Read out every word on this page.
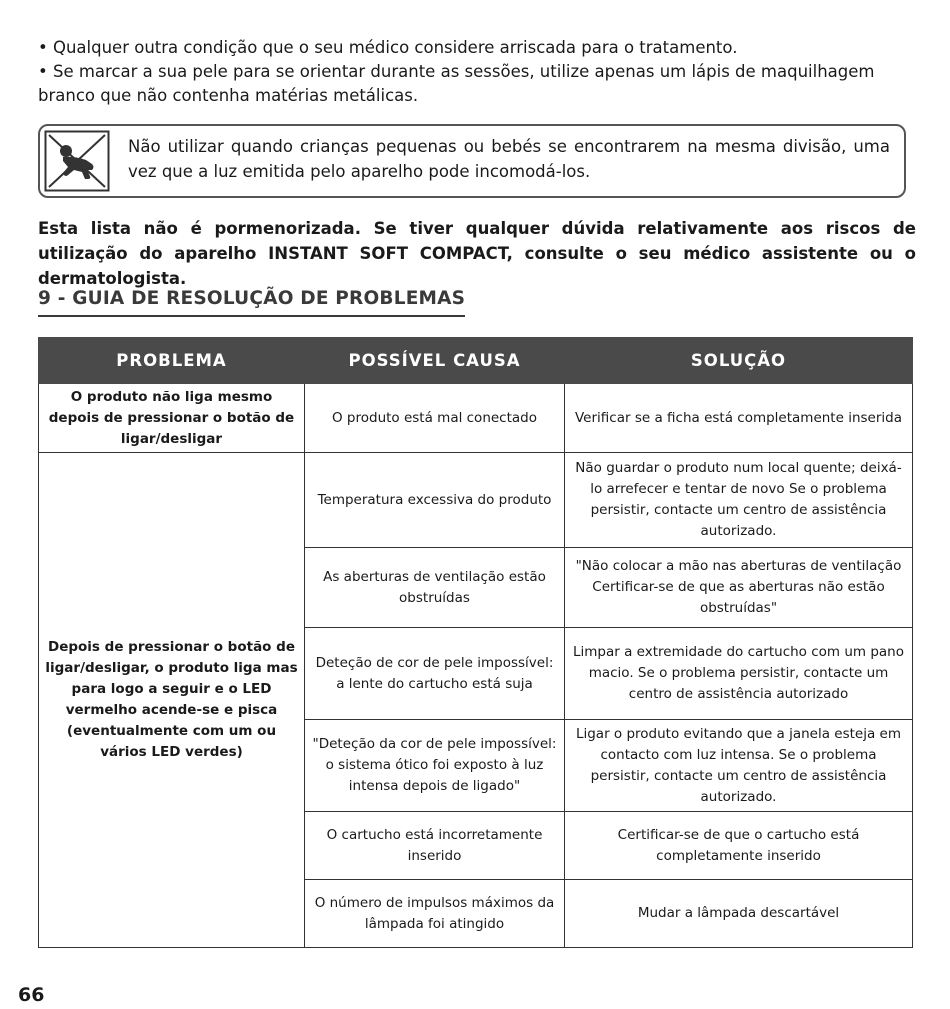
• Qualquer outra condição que o seu médico considere arriscada para o tratamento.

• Se marcar a sua pele para se orientar durante as sessões, utilize apenas um lápis de maquilhagem branco que não contenha matérias metálicas.

Não utilizar quando crianças pequenas ou bebés se encontrarem na mesma divisão, uma vez que a luz emitida pelo aparelho pode incomodá-los.
Esta lista não é pormenorizada. Se tiver qualquer dúvida relativamente aos riscos de utilização do aparelho INSTANT SOFT COMPACT, consulte o seu médico assistente ou o dermatologista.
9 - GUIA DE RESOLUÇÃO DE PROBLEMAS
PROBLEMA	POSSÍVEL CAUSA	SOLUÇÃO
O produto não liga mesmo depois de pressionar o botão de ligar/desligar	O produto está mal conectado	Verificar se a ficha está completamente inserida
Depois de pressionar o botão de ligar/desligar, o produto liga mas para logo a seguir e o LED vermelho acende-se e pisca (eventualmente com um ou vários LED verdes)	Temperatura excessiva do produto	Não guardar o produto num local quente; deixá-lo arrefecer e tentar de novo Se o problema persistir, contacte um centro de assistência autorizado.
	As aberturas de ventilação estão obstruídas	"Não colocar a mão nas aberturas de ventilação Certificar-se de que as aberturas não estão obstruídas"
	Deteção de cor de pele impossível: a lente do cartucho está suja	Limpar a extremidade do cartucho com um pano macio. Se o problema persistir, contacte um centro de assistência autorizado
	"Deteção da cor de pele impossível: o sistema ótico foi exposto à luz intensa depois de ligado"	Ligar o produto evitando que a janela esteja em contacto com luz intensa. Se o problema persistir, contacte um centro de assistência autorizado.
	O cartucho está incorretamente inserido	Certificar-se de que o cartucho está completamente inserido
	O número de impulsos máximos da lâmpada foi atingido	Mudar a lâmpada descartável
66
